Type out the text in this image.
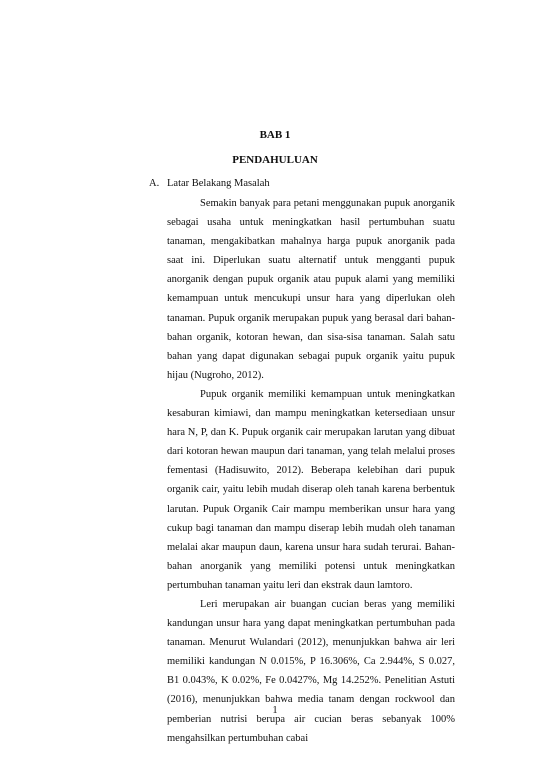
BAB 1
PENDAHULUAN
A. Latar Belakang Masalah

Semakin banyak para petani menggunakan pupuk anorganik sebagai usaha untuk meningkatkan hasil pertumbuhan suatu tanaman, mengakibatkan mahalnya harga pupuk anorganik pada saat ini. Diperlukan suatu alternatif untuk mengganti pupuk anorganik dengan pupuk organik atau pupuk alami yang memiliki kemampuan untuk mencukupi unsur hara yang diperlukan oleh tanaman. Pupuk organik merupakan pupuk yang berasal dari bahan-bahan organik, kotoran hewan, dan sisa-sisa tanaman. Salah satu bahan yang dapat digunakan sebagai pupuk organik yaitu pupuk hijau (Nugroho, 2012).

Pupuk organik memiliki kemampuan untuk meningkatkan kesaburan kimiawi, dan mampu meningkatkan ketersediaan unsur hara N, P, dan K. Pupuk organik cair merupakan larutan yang dibuat dari kotoran hewan maupun dari tanaman, yang telah melalui proses fementasi (Hadisuwito, 2012). Beberapa kelebihan dari pupuk organik cair, yaitu lebih mudah diserap oleh tanah karena berbentuk larutan. Pupuk Organik Cair mampu memberikan unsur hara yang cukup bagi tanaman dan mampu diserap lebih mudah oleh tanaman melalai akar maupun daun, karena unsur hara sudah terurai. Bahan-bahan anorganik yang memiliki potensi untuk meningkatkan pertumbuhan tanaman yaitu leri dan ekstrak daun lamtoro.

Leri merupakan air buangan cucian beras yang memiliki kandungan unsur hara yang dapat meningkatkan pertumbuhan pada tanaman. Menurut Wulandari (2012), menunjukkan bahwa air leri memiliki kandungan N 0.015%, P 16.306%, Ca 2.944%, S 0.027, B1 0.043%, K 0.02%, Fe 0.0427%, Mg 14.252%. Penelitian Astuti (2016), menunjukkan bahwa media tanam dengan rockwool dan pemberian nutrisi berupa air cucian beras sebanyak 100% mengahsilkan pertumbuhan cabai

1
